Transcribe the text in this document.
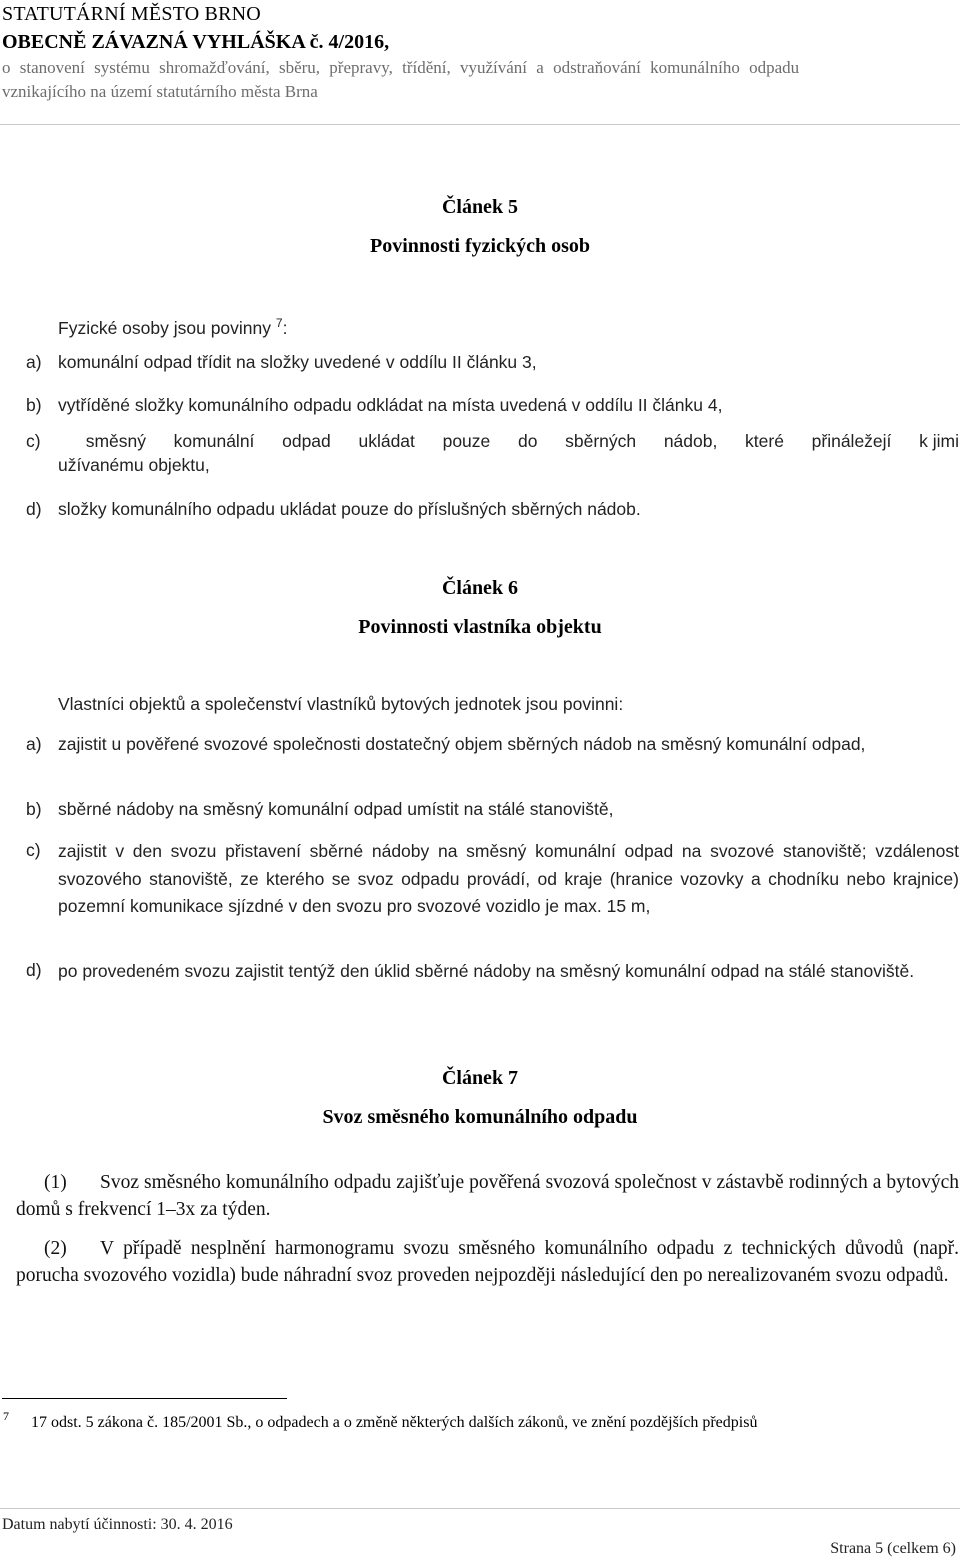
STATUTÁRNÍ MĚSTO BRNO
OBECNĚ ZÁVAZNÁ VYHLÁŠKA č. 4/2016,
o stanovení systému shromažďování, sběru, přepravy, třídění, využívání a odstraňování komunálního odpadu
vznikajícího na území statutárního města Brna
Článek 5
Povinnosti fyzických osob
Fyzické osoby jsou povinny $^7$:
a) komunální odpad třídit na složky uvedené v oddílu II článku 3,
b) vytříděné složky komunálního odpadu odkládat na místa uvedená v oddílu II článku 4,
c)	směsný komunální odpad ukládat pouze do sběrných nádob, které přináležejí k jimi
užívanému objektu,
d) složky komunálního odpadu ukládat pouze do příslušných sběrných nádob.
Článek 6
Povinnosti vlastníka objektu
Vlastníci objektů a společenství vlastníků bytových jednotek jsou povinni:
a) zajistit u pověřené svozové společnosti dostatečný objem sběrných nádob na směsný komunální odpad,
b) sběrné nádoby na směsný komunální odpad umístit na stálé stanoviště,
c) zajistit v den svozu přistavení sběrné nádoby na směsný komunální odpad na svozové stanoviště; vzdálenost svozového stanoviště, ze kterého se svoz odpadu provádí, od kraje (hranice vozovky a chodníku nebo krajnice) pozemní komunikace sjízdné v den svozu pro svozové vozidlo je max. 15 m,
d) po provedeném svozu zajistit tentýž den úklid sběrné nádoby na směsný komunální odpad na stálé stanoviště.
Článek 7
Svoz směsného komunálního odpadu
(1) Svoz směsného komunálního odpadu zajišťuje pověřená svozová společnost v zástavbě rodinných a bytových domů s frekvencí 1–3x za týden.
(2) V případě nesplnění harmonogramu svozu směsného komunálního odpadu z technických důvodů (např. porucha svozového vozidla) bude náhradní svoz proveden nejpozději následující den po nerealizovaném svozu odpadů.
7 17 odst. 5 zákona č. 185/2001 Sb., o odpadech a o změně některých dalších zákonů, ve znění pozdějších předpisů
Datum nabytí účinnosti: 30. 4. 2016
Strana 5 (celkem 6)
